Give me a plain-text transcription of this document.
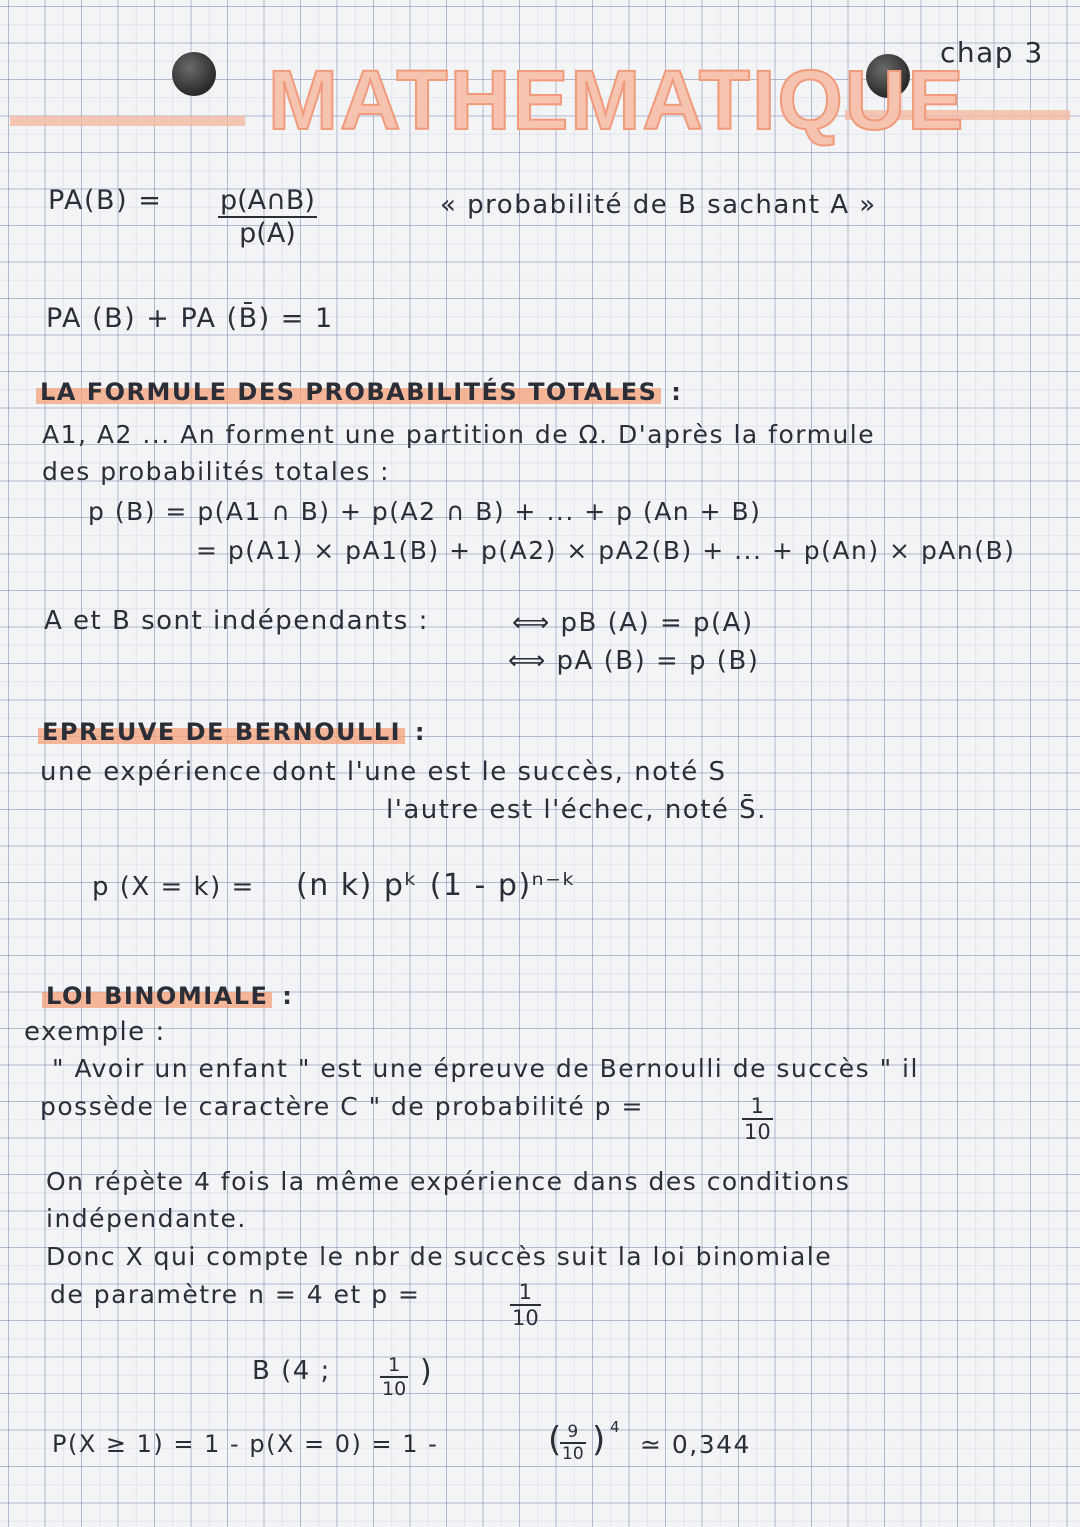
MATHEMATIQUE
chap 3
$PA(B) = \frac{p(A\cap B)}{p(A)}$	« probabilité de B sachant A »
PA (B) + PA (B̄) = 1
LA FORMULE DES PROBABILITÉS TOTALES :
A1, A2 ... An forment une partition de Ω. D'après la formule
des probabilités totales :
p (B) = p(A1 ∩ B) + p(A2 ∩ B) + ... + p (An + B)
= p(A1) × pA1(B) + p(A2) × pA2(B) + ... + p(An) × pAn(B)
A et B sont indépendants :	⟺ pB (A) = p(A)
⟺ pA (B) = p (B)
EPREUVE DE BERNOULLI :
une expérience dont l'une est le succès, noté S
l'autre est l'échec, noté S̄.
p (X = k) = (n k) pᵏ (1 - p)ⁿ⁻ᵏ
LOI BINOMIALE :
exemple :
" Avoir un enfant " est une épreuve de Bernoulli de succès " il
possède le caractère C " de probabilité p =	$\frac{1}{10}$
On répète 4 fois la même expérience dans des conditions
indépendante.
Donc X qui compte le nbr de succès suit la loi binomiale
de paramètre n = 4 et p =	$\frac{1}{10}$
B (4 ;	$\frac{1}{10}$ )
P(X ≥ 1) = 1 - p(X = 0) = 1 -	(
$\frac{9}{10}$ ) 4
≃ 0,344
